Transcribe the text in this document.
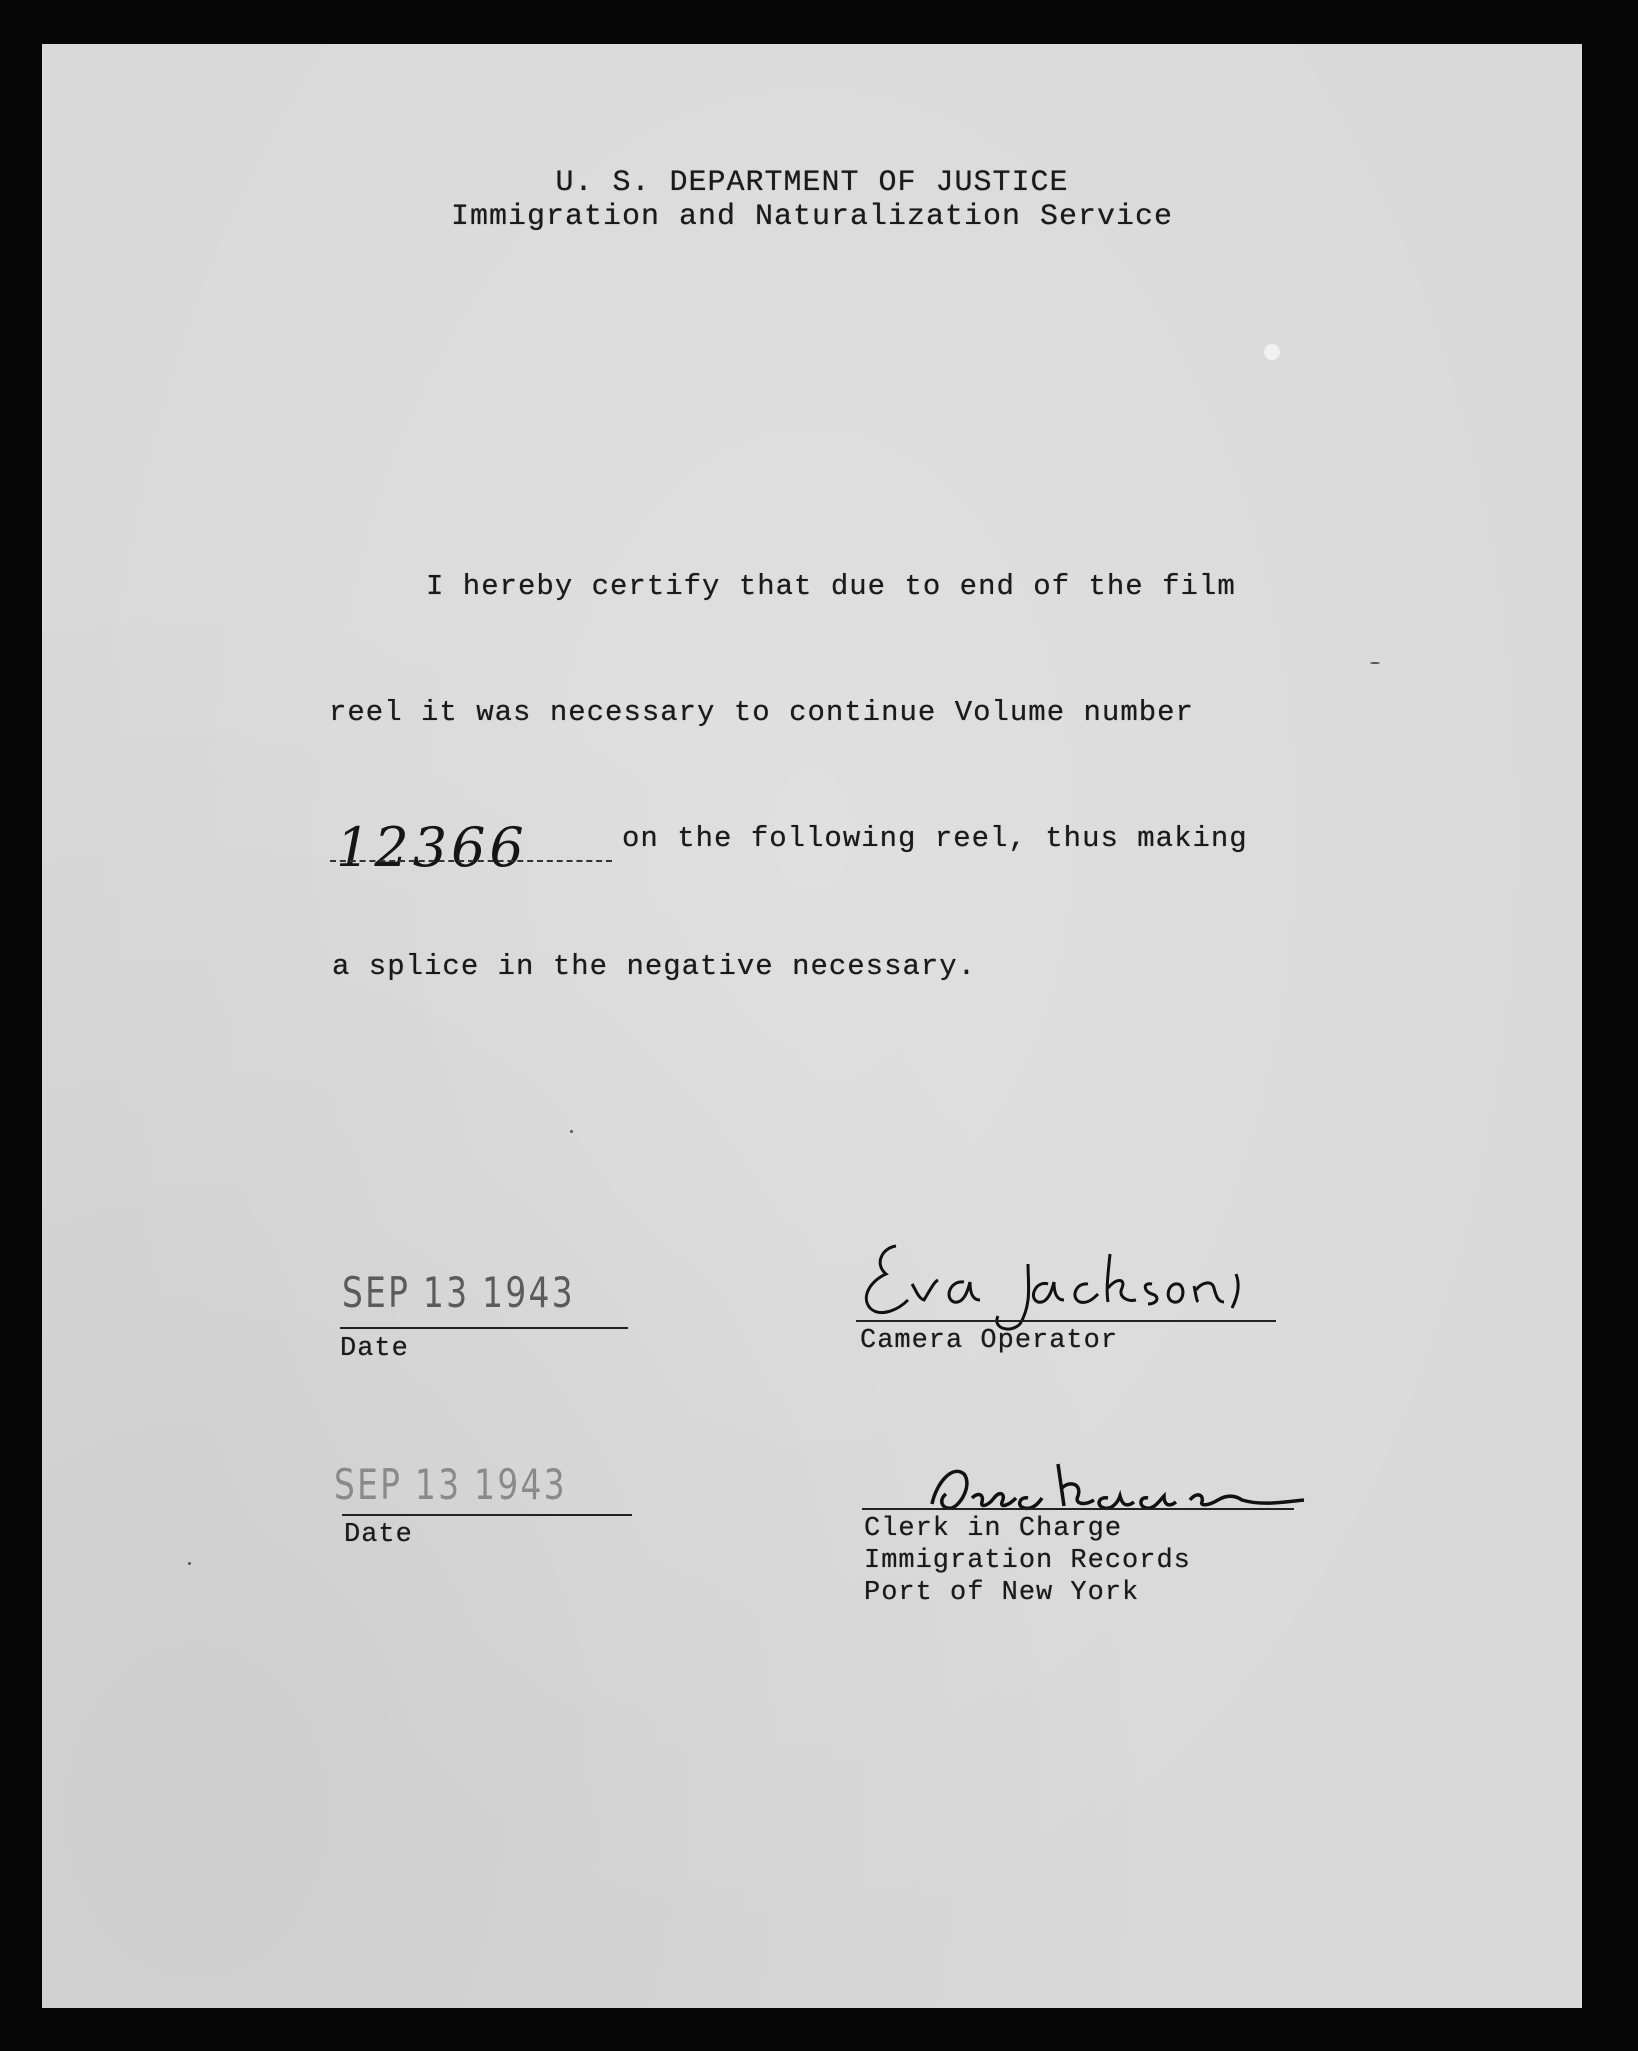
U. S. DEPARTMENT OF JUSTICE
Immigration and Naturalization Service
I hereby certify that due to end of the film
reel it was necessary to continue Volume number
12366	on the following reel, thus making
a splice in the negative necessary.
SEP 13 1943
Date	Camera Operator
SEP 13 1943
Date	Clerk in Charge
Immigration Records
Port of New York
